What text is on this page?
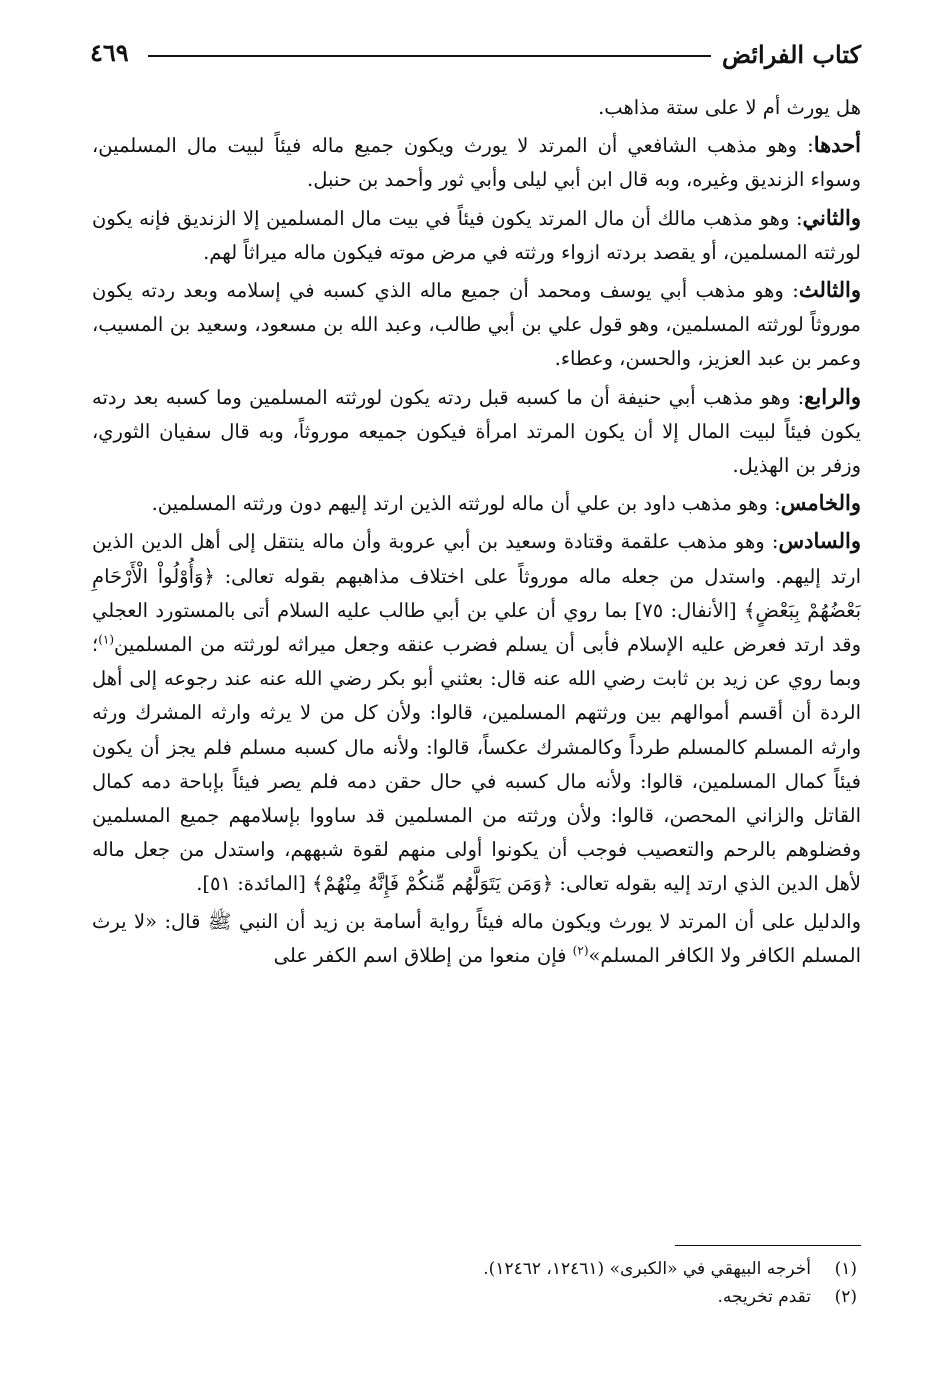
كتاب الفرائض
٤٦٩

هل يورث أم لا على ستة مذاهب.

أحدها: وهو مذهب الشافعي أن المرتد لا يورث ويكون جميع ماله فيئاً لبيت مال المسلمين، وسواء الزنديق وغيره، وبه قال ابن أبي ليلى وأبي ثور وأحمد بن حنبل.

والثاني: وهو مذهب مالك أن مال المرتد يكون فيئاً في بيت مال المسلمين إلا الزنديق فإنه يكون لورثته المسلمين، أو يقصد بردته ازواء ورثته في مرض موته فيكون ماله ميراثاً لهم.

والثالث: وهو مذهب أبي يوسف ومحمد أن جميع ماله الذي كسبه في إسلامه وبعد ردته يكون موروثاً لورثته المسلمين، وهو قول علي بن أبي طالب، وعبد الله بن مسعود، وسعيد بن المسيب، وعمر بن عبد العزيز، والحسن، وعطاء.

والرابع: وهو مذهب أبي حنيفة أن ما كسبه قبل ردته يكون لورثته المسلمين وما كسبه بعد ردته يكون فيئاً لبيت المال إلا أن يكون المرتد امرأة فيكون جميعه موروثاً، وبه قال سفيان الثوري، وزفر بن الهذيل.

والخامس: وهو مذهب داود بن علي أن ماله لورثته الذين ارتد إليهم دون ورثته المسلمين.

والسادس: وهو مذهب علقمة وقتادة وسعيد بن أبي عروبة وأن ماله ينتقل إلى أهل الدين الذين ارتد إليهم. واستدل من جعله ماله موروثاً على اختلاف مذاهبهم بقوله تعالى: ﴿وَأُوْلُواْ الْأَرْحَامِ بَعْضُهُمْ بِبَعْضٍ﴾ [الأنفال: ٧٥] بما روي أن علي بن أبي طالب عليه السلام أتى بالمستورد العجلي وقد ارتد فعرض عليه الإسلام فأبى أن يسلم فضرب عنقه وجعل ميراثه لورثته من المسلمين$^{(١)}$؛ وبما روي عن زيد بن ثابت رضي الله عنه قال: بعثني أبو بكر رضي الله عنه عند رجوعه إلى أهل الردة أن أقسم أموالهم بين ورثتهم المسلمين، قالوا: ولأن كل من لا يرثه وارثه المشرك ورثه وارثه المسلم كالمسلم طرداً وكالمشرك عكساً، قالوا: ولأنه مال كسبه مسلم فلم يجز أن يكون فيئاً كمال المسلمين، قالوا: ولأنه مال كسبه في حال حقن دمه فلم يصر فيئاً بإباحة دمه كمال القاتل والزاني المحصن، قالوا: ولأن ورثته من المسلمين قد ساووا بإسلامهم جميع المسلمين وفضلوهم بالرحم والتعصيب فوجب أن يكونوا أولى منهم لقوة شبههم، واستدل من جعل ماله لأهل الدين الذي ارتد إليه بقوله تعالى: ﴿وَمَن يَتَوَلَّهُم مِّنكُمْ فَإِنَّهُ مِنْهُمْ﴾ [المائدة: ٥١].

والدليل على أن المرتد لا يورث ويكون ماله فيئاً رواية أسامة بن زيد أن النبي ﷺ قال: «لا يرث المسلم الكافر ولا الكافر المسلم»$^{(٢)}$ فإن منعوا من إطلاق اسم الكفر على

(١)
أخرجه البيهقي في «الكبرى» (١٢٤٦١، ١٢٤٦٢).
(٢)
تقدم تخريجه.
